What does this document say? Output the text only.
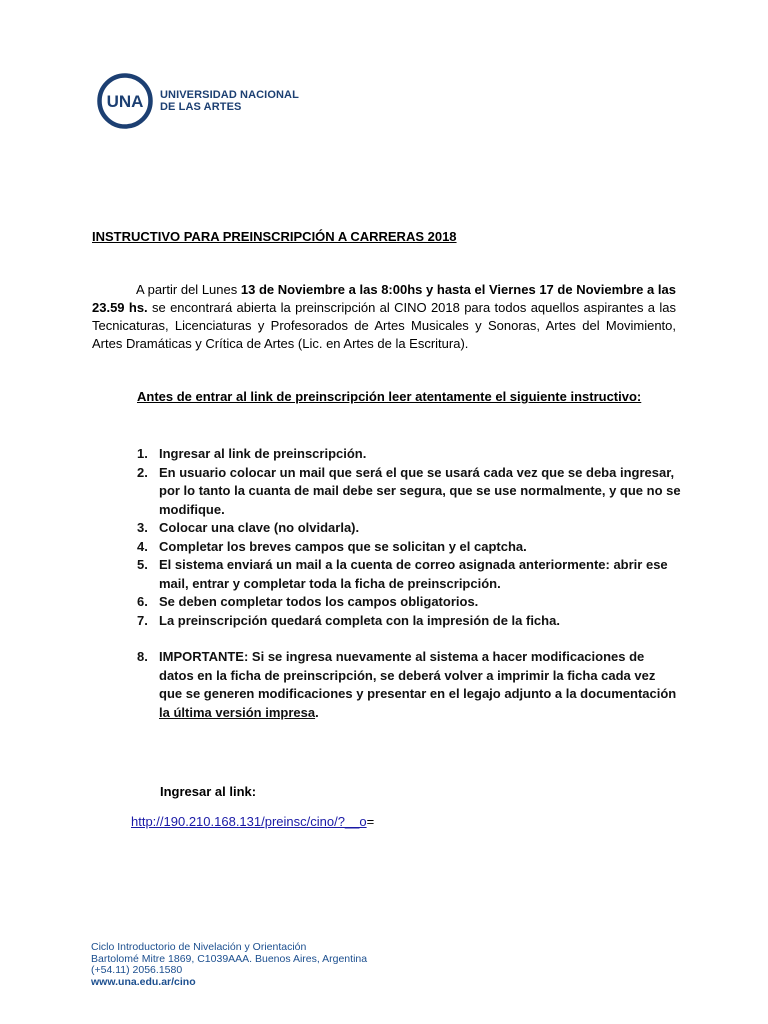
UNA UNIVERSIDAD NACIONAL
DE LAS ARTES
INSTRUCTIVO PARA PREINSCRIPCIÓN A CARRERAS 2018
A partir del Lunes 13 de Noviembre a las 8:00hs y hasta el Viernes 17 de Noviembre a las 23.59 hs. se encontrará abierta la preinscripción al CINO 2018 para todos aquellos aspirantes a las Tecnicaturas, Licenciaturas y Profesorados de Artes Musicales y Sonoras, Artes del Movimiento, Artes Dramáticas y Crítica de Artes (Lic. en Artes de la Escritura).
Antes de entrar al link de preinscripción leer atentamente el siguiente instructivo:
1. Ingresar al link de preinscripción.
2. En usuario colocar un mail que será el que se usará cada vez que se deba ingresar, por lo tanto la cuanta de mail debe ser segura, que se use normalmente, y que no se modifique.
3. Colocar una clave (no olvidarla).
4. Completar los breves campos que se solicitan y el captcha.
5. El sistema enviará un mail a la cuenta de correo asignada anteriormente: abrir ese mail, entrar y completar toda la ficha de preinscripción.
6. Se deben completar todos los campos obligatorios.
7. La preinscripción quedará completa con la impresión de la ficha.
8. IMPORTANTE: Si se ingresa nuevamente al sistema a hacer modificaciones de datos en la ficha de preinscripción, se deberá volver a imprimir la ficha cada vez que se generen modificaciones y presentar en el legajo adjunto a la documentación la última versión impresa.
Ingresar al link:
http://190.210.168.131/preinsc/cino/?__o=
Ciclo Introductorio de Nivelación y Orientación
Bartolomé Mitre 1869, C1039AAA. Buenos Aires, Argentina
(+54.11) 2056.1580
www.una.edu.ar/cino
